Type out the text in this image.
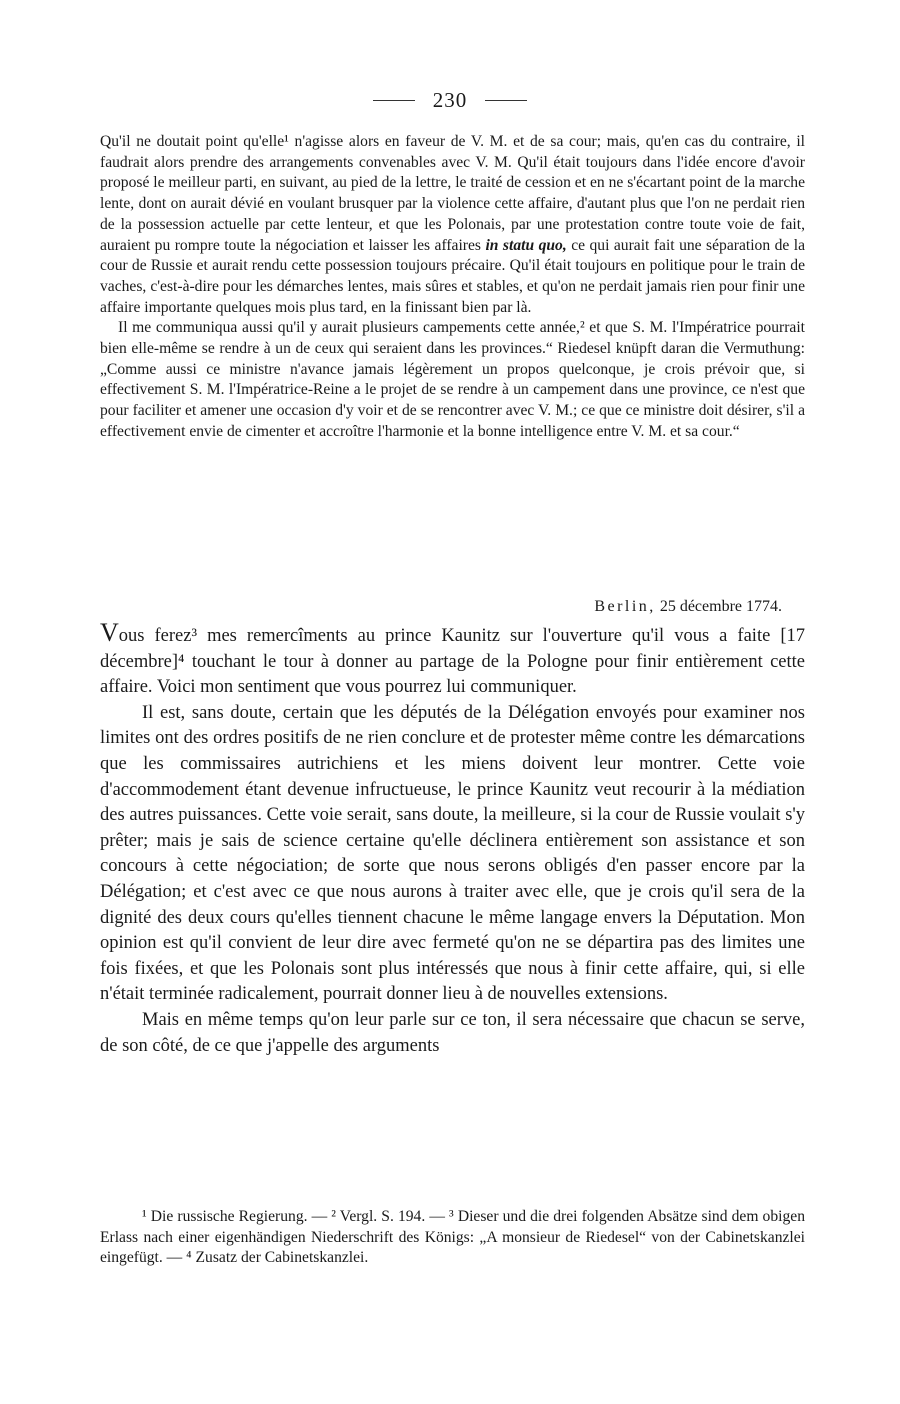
230

Qu'il ne doutait point qu'elle¹ n'agisse alors en faveur de V. M. et de sa cour; mais, qu'en cas du contraire, il faudrait alors prendre des arrangements convenables avec V. M. Qu'il était toujours dans l'idée encore d'avoir proposé le meilleur parti, en suivant, au pied de la lettre, le traité de cession et en ne s'écartant point de la marche lente, dont on aurait dévié en voulant brusquer par la violence cette affaire, d'autant plus que l'on ne perdait rien de la possession actuelle par cette lenteur, et que les Polonais, par une protestation contre toute voie de fait, auraient pu rompre toute la négociation et laisser les affaires in statu quo, ce qui aurait fait une séparation de la cour de Russie et aurait rendu cette possession toujours précaire. Qu'il était toujours en politique pour le train de vaches, c'est-à-dire pour les démarches lentes, mais sûres et stables, et qu'on ne perdait jamais rien pour finir une affaire importante quelques mois plus tard, en la finissant bien par là.

Il me communiqua aussi qu'il y aurait plusieurs campements cette année,² et que S. M. l'Impératrice pourrait bien elle-même se rendre à un de ceux qui seraient dans les provinces.“ Riedesel knüpft daran die Vermuthung: „Comme aussi ce ministre n'avance jamais légèrement un propos quelconque, je crois prévoir que, si effectivement S. M. l'Impératrice-Reine a le projet de se rendre à un campement dans une province, ce n'est que pour faciliter et amener une occasion d'y voir et de se rencontrer avec V. M.; ce que ce ministre doit désirer, s'il a effectivement envie de cimenter et accroître l'harmonie et la bonne intelligence entre V. M. et sa cour.“

Berlin, 25 décembre 1774.

Vous ferez³ mes remercîments au prince Kaunitz sur l'ouverture qu'il vous a faite [17 décembre]⁴ touchant le tour à donner au partage de la Pologne pour finir entièrement cette affaire. Voici mon sentiment que vous pourrez lui communiquer.

Il est, sans doute, certain que les députés de la Délégation envoyés pour examiner nos limites ont des ordres positifs de ne rien conclure et de protester même contre les démarcations que les commissaires autrichiens et les miens doivent leur montrer. Cette voie d'accommodement étant devenue infructueuse, le prince Kaunitz veut recourir à la médiation des autres puissances. Cette voie serait, sans doute, la meilleure, si la cour de Russie voulait s'y prêter; mais je sais de science certaine qu'elle déclinera entièrement son assistance et son concours à cette négociation; de sorte que nous serons obligés d'en passer encore par la Délégation; et c'est avec ce que nous aurons à traiter avec elle, que je crois qu'il sera de la dignité des deux cours qu'elles tiennent chacune le même langage envers la Députation. Mon opinion est qu'il convient de leur dire avec fermeté qu'on ne se départira pas des limites une fois fixées, et que les Polonais sont plus intéressés que nous à finir cette affaire, qui, si elle n'était terminée radicalement, pourrait donner lieu à de nouvelles extensions.

Mais en même temps qu'on leur parle sur ce ton, il sera nécessaire que chacun se serve, de son côté, de ce que j'appelle des arguments

¹ Die russische Regierung. — ² Vergl. S. 194. — ³ Dieser und die drei folgenden Absätze sind dem obigen Erlass nach einer eigenhändigen Niederschrift des Königs: „A monsieur de Riedesel“ von der Cabinetskanzlei eingefügt. — ⁴ Zusatz der Cabinetskanzlei.
